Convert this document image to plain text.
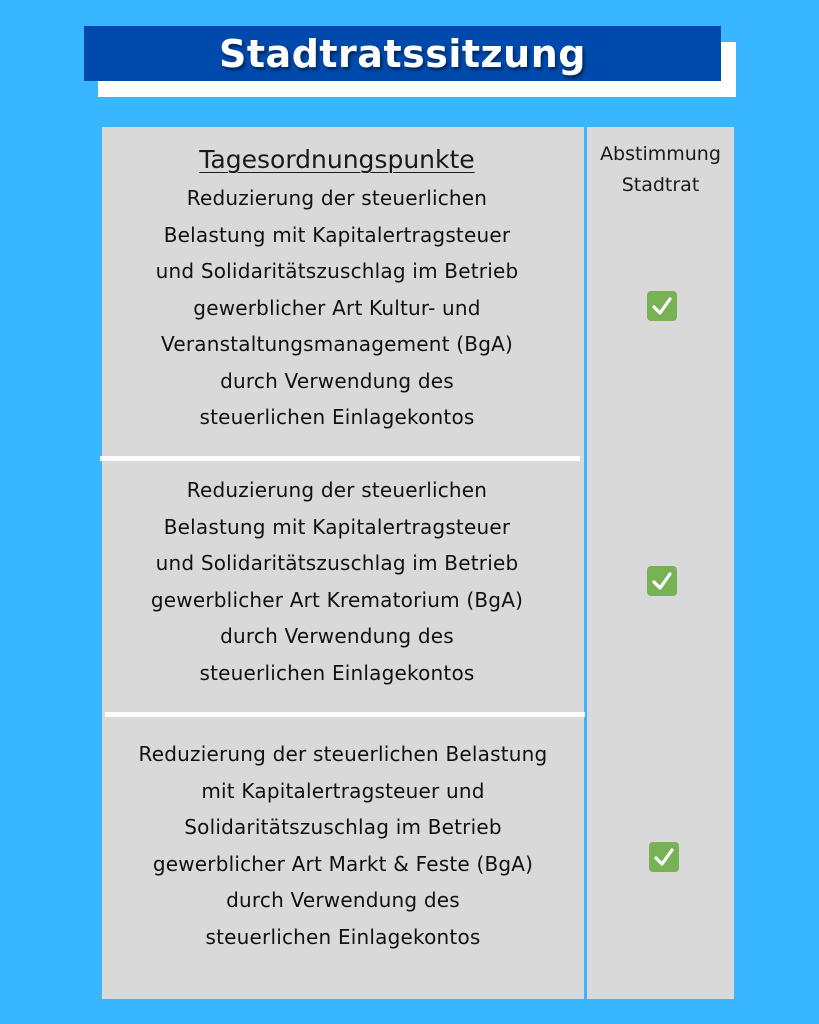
Stadtratssitzung
Abstimmung Stadtrat
Tagesordnungspunkte
Reduzierung der steuerlichen
Belastung mit Kapitalertragsteuer
und Solidaritätszuschlag im Betrieb
gewerblicher Art Kultur- und
Veranstaltungsmanagement (BgA)
durch Verwendung des
steuerlichen Einlagekontos
Reduzierung der steuerlichen
Belastung mit Kapitalertragsteuer
und Solidaritätszuschlag im Betrieb
gewerblicher Art Krematorium (BgA)
durch Verwendung des
steuerlichen Einlagekontos
Reduzierung der steuerlichen Belastung
mit Kapitalertragsteuer und
Solidaritätszuschlag im Betrieb
gewerblicher Art Markt & Feste (BgA)
durch Verwendung des
steuerlichen Einlagekontos
